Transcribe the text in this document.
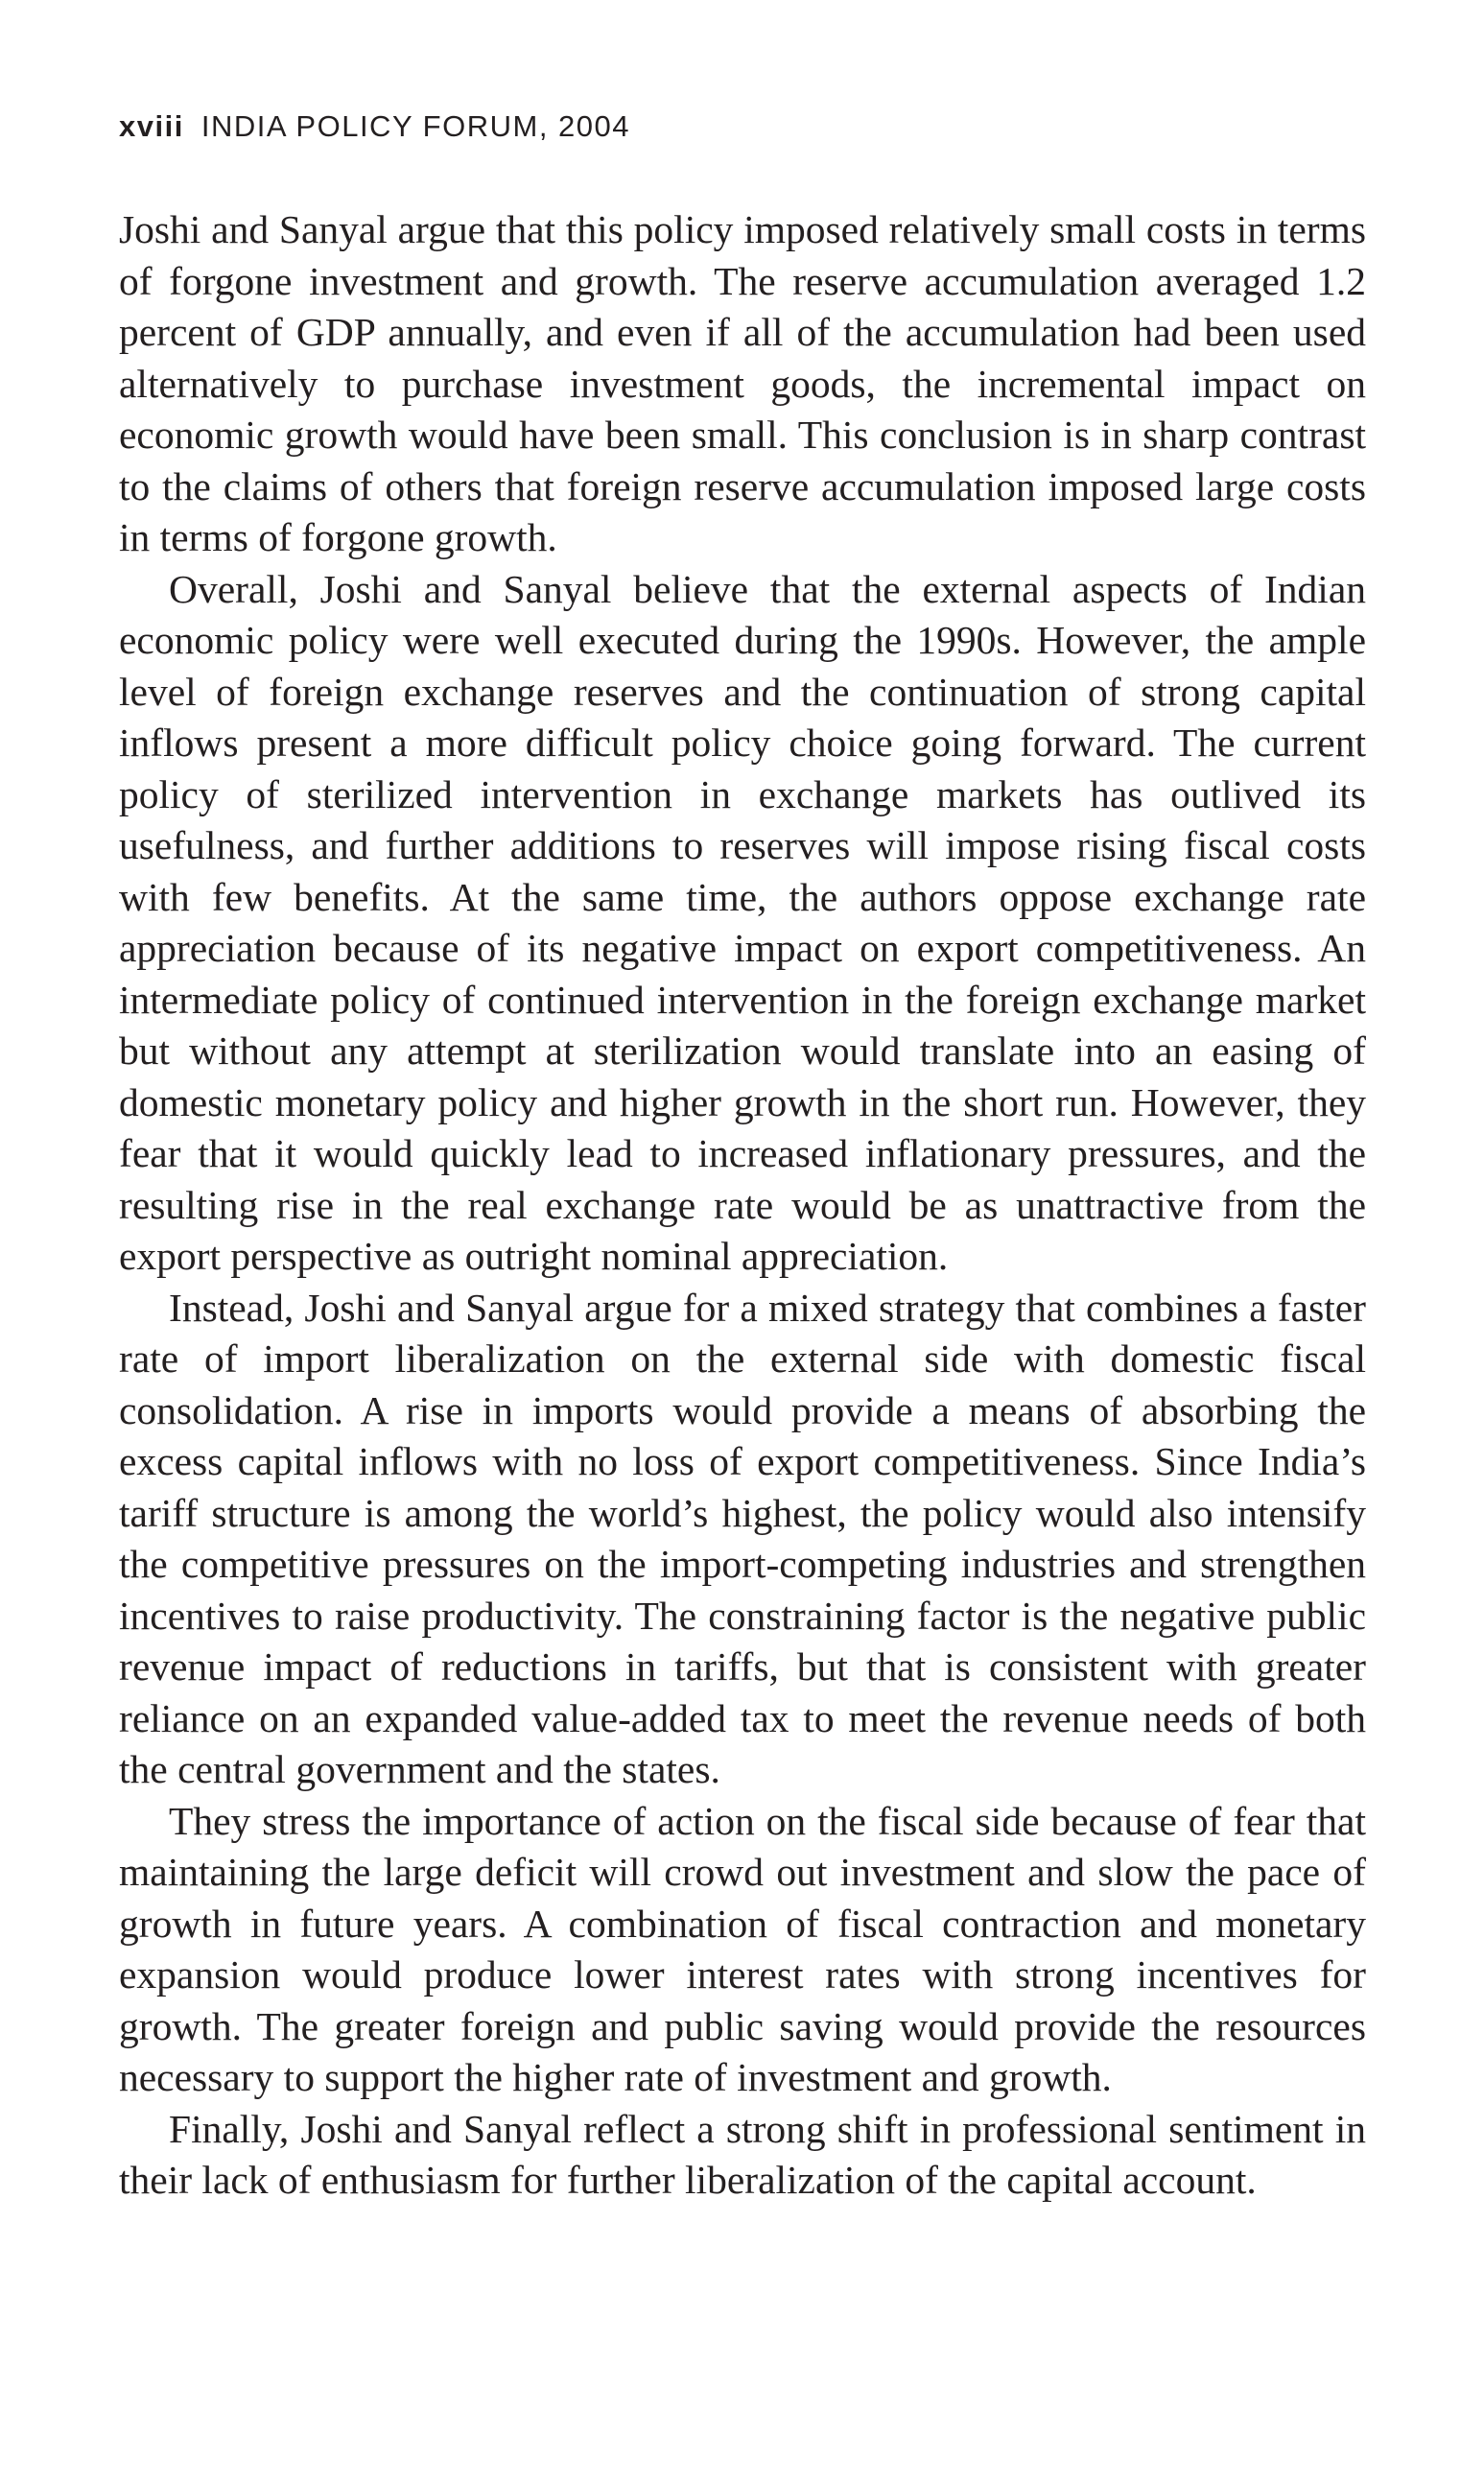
xviii INDIA POLICY FORUM, 2004

Joshi and Sanyal argue that this policy imposed relatively small costs in terms of forgone investment and growth. The reserve accumulation averaged 1.2 percent of GDP annually, and even if all of the accumulation had been used alternatively to purchase investment goods, the incremental impact on economic growth would have been small. This conclusion is in sharp contrast to the claims of others that foreign reserve accumulation imposed large costs in terms of forgone growth.

Overall, Joshi and Sanyal believe that the external aspects of Indian economic policy were well executed during the 1990s. However, the ample level of foreign exchange reserves and the continuation of strong capital inflows present a more difficult policy choice going forward. The current policy of sterilized intervention in exchange markets has outlived its usefulness, and further additions to reserves will impose rising fiscal costs with few benefits. At the same time, the authors oppose exchange rate appreciation because of its negative impact on export competitiveness. An intermediate policy of continued intervention in the foreign exchange market but without any attempt at sterilization would translate into an easing of domestic monetary policy and higher growth in the short run. However, they fear that it would quickly lead to increased inflationary pressures, and the resulting rise in the real exchange rate would be as unattractive from the export perspective as outright nominal appreciation.

Instead, Joshi and Sanyal argue for a mixed strategy that combines a faster rate of import liberalization on the external side with domestic fiscal consolidation. A rise in imports would provide a means of absorbing the excess capital inflows with no loss of export competitiveness. Since India’s tariff structure is among the world’s highest, the policy would also intensify the competitive pressures on the import-competing industries and strengthen incentives to raise productivity. The constraining factor is the negative public revenue impact of reductions in tariffs, but that is consistent with greater reliance on an expanded value-added tax to meet the revenue needs of both the central government and the states.

They stress the importance of action on the fiscal side because of fear that maintaining the large deficit will crowd out investment and slow the pace of growth in future years. A combination of fiscal contraction and monetary expansion would produce lower interest rates with strong incentives for growth. The greater foreign and public saving would provide the resources necessary to support the higher rate of investment and growth.

Finally, Joshi and Sanyal reflect a strong shift in professional sentiment in their lack of enthusiasm for further liberalization of the capital account.
